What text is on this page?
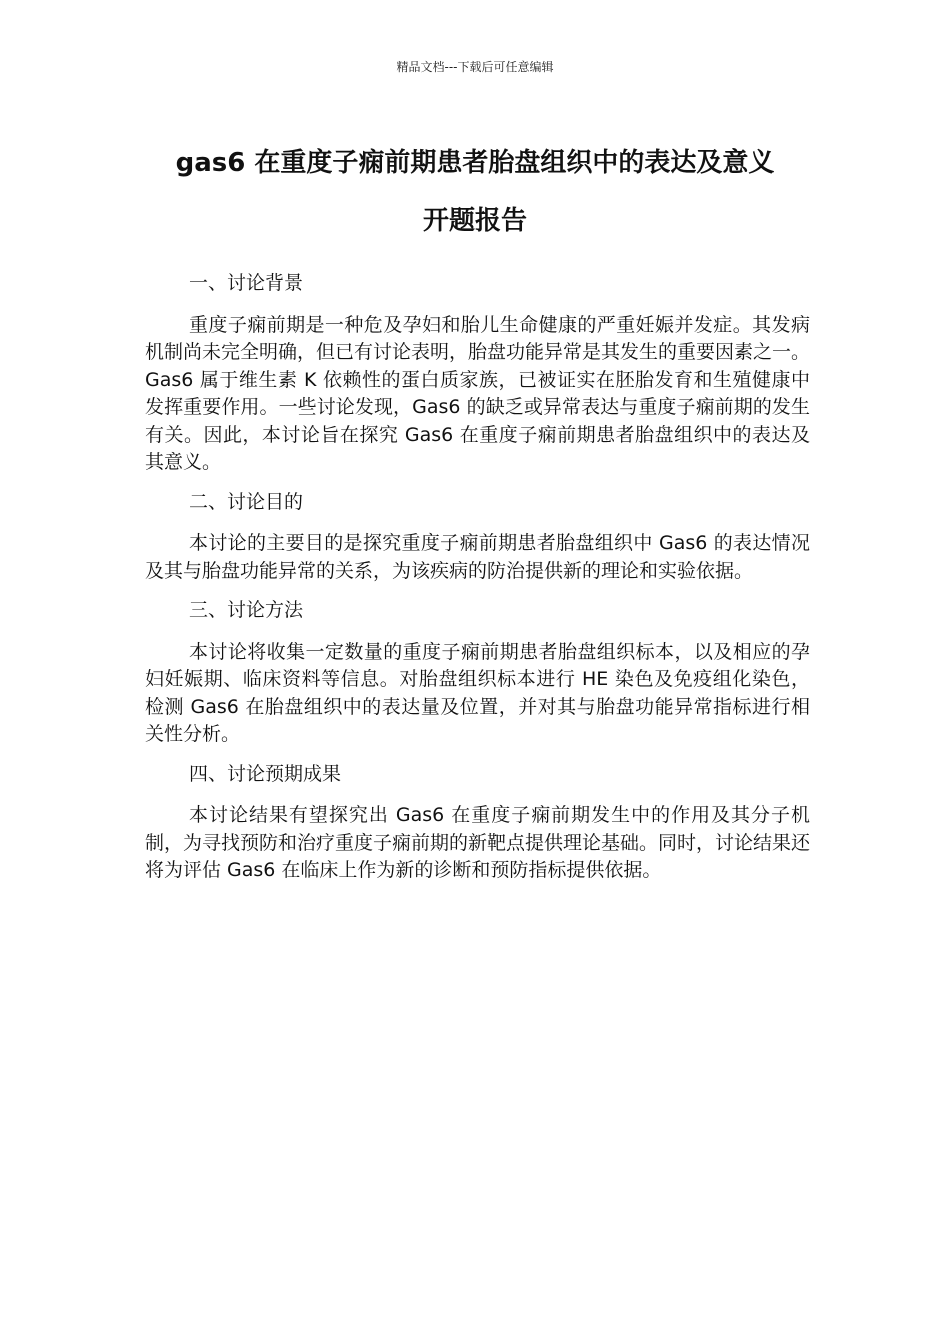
精品文档---下载后可任意编辑
gas6 在重度子痫前期患者胎盘组织中的表达及意义
开题报告

一、讨论背景

重度子痫前期是一种危及孕妇和胎儿生命健康的严重妊娠并发症。其发病机制尚未完全明确，但已有讨论表明，胎盘功能异常是其发生的重要因素之一。Gas6 属于维生素 K 依赖性的蛋白质家族，已被证实在胚胎发育和生殖健康中发挥重要作用。一些讨论发现，Gas6 的缺乏或异常表达与重度子痫前期的发生有关。因此，本讨论旨在探究 Gas6 在重度子痫前期患者胎盘组织中的表达及其意义。

二、讨论目的

本讨论的主要目的是探究重度子痫前期患者胎盘组织中 Gas6 的表达情况及其与胎盘功能异常的关系，为该疾病的防治提供新的理论和实验依据。

三、讨论方法

本讨论将收集一定数量的重度子痫前期患者胎盘组织标本，以及相应的孕妇妊娠期、临床资料等信息。对胎盘组织标本进行 HE 染色及免疫组化染色，检测 Gas6 在胎盘组织中的表达量及位置，并对其与胎盘功能异常指标进行相关性分析。

四、讨论预期成果

本讨论结果有望探究出 Gas6 在重度子痫前期发生中的作用及其分子机制，为寻找预防和治疗重度子痫前期的新靶点提供理论基础。同时，讨论结果还将为评估 Gas6 在临床上作为新的诊断和预防指标提供依据。
